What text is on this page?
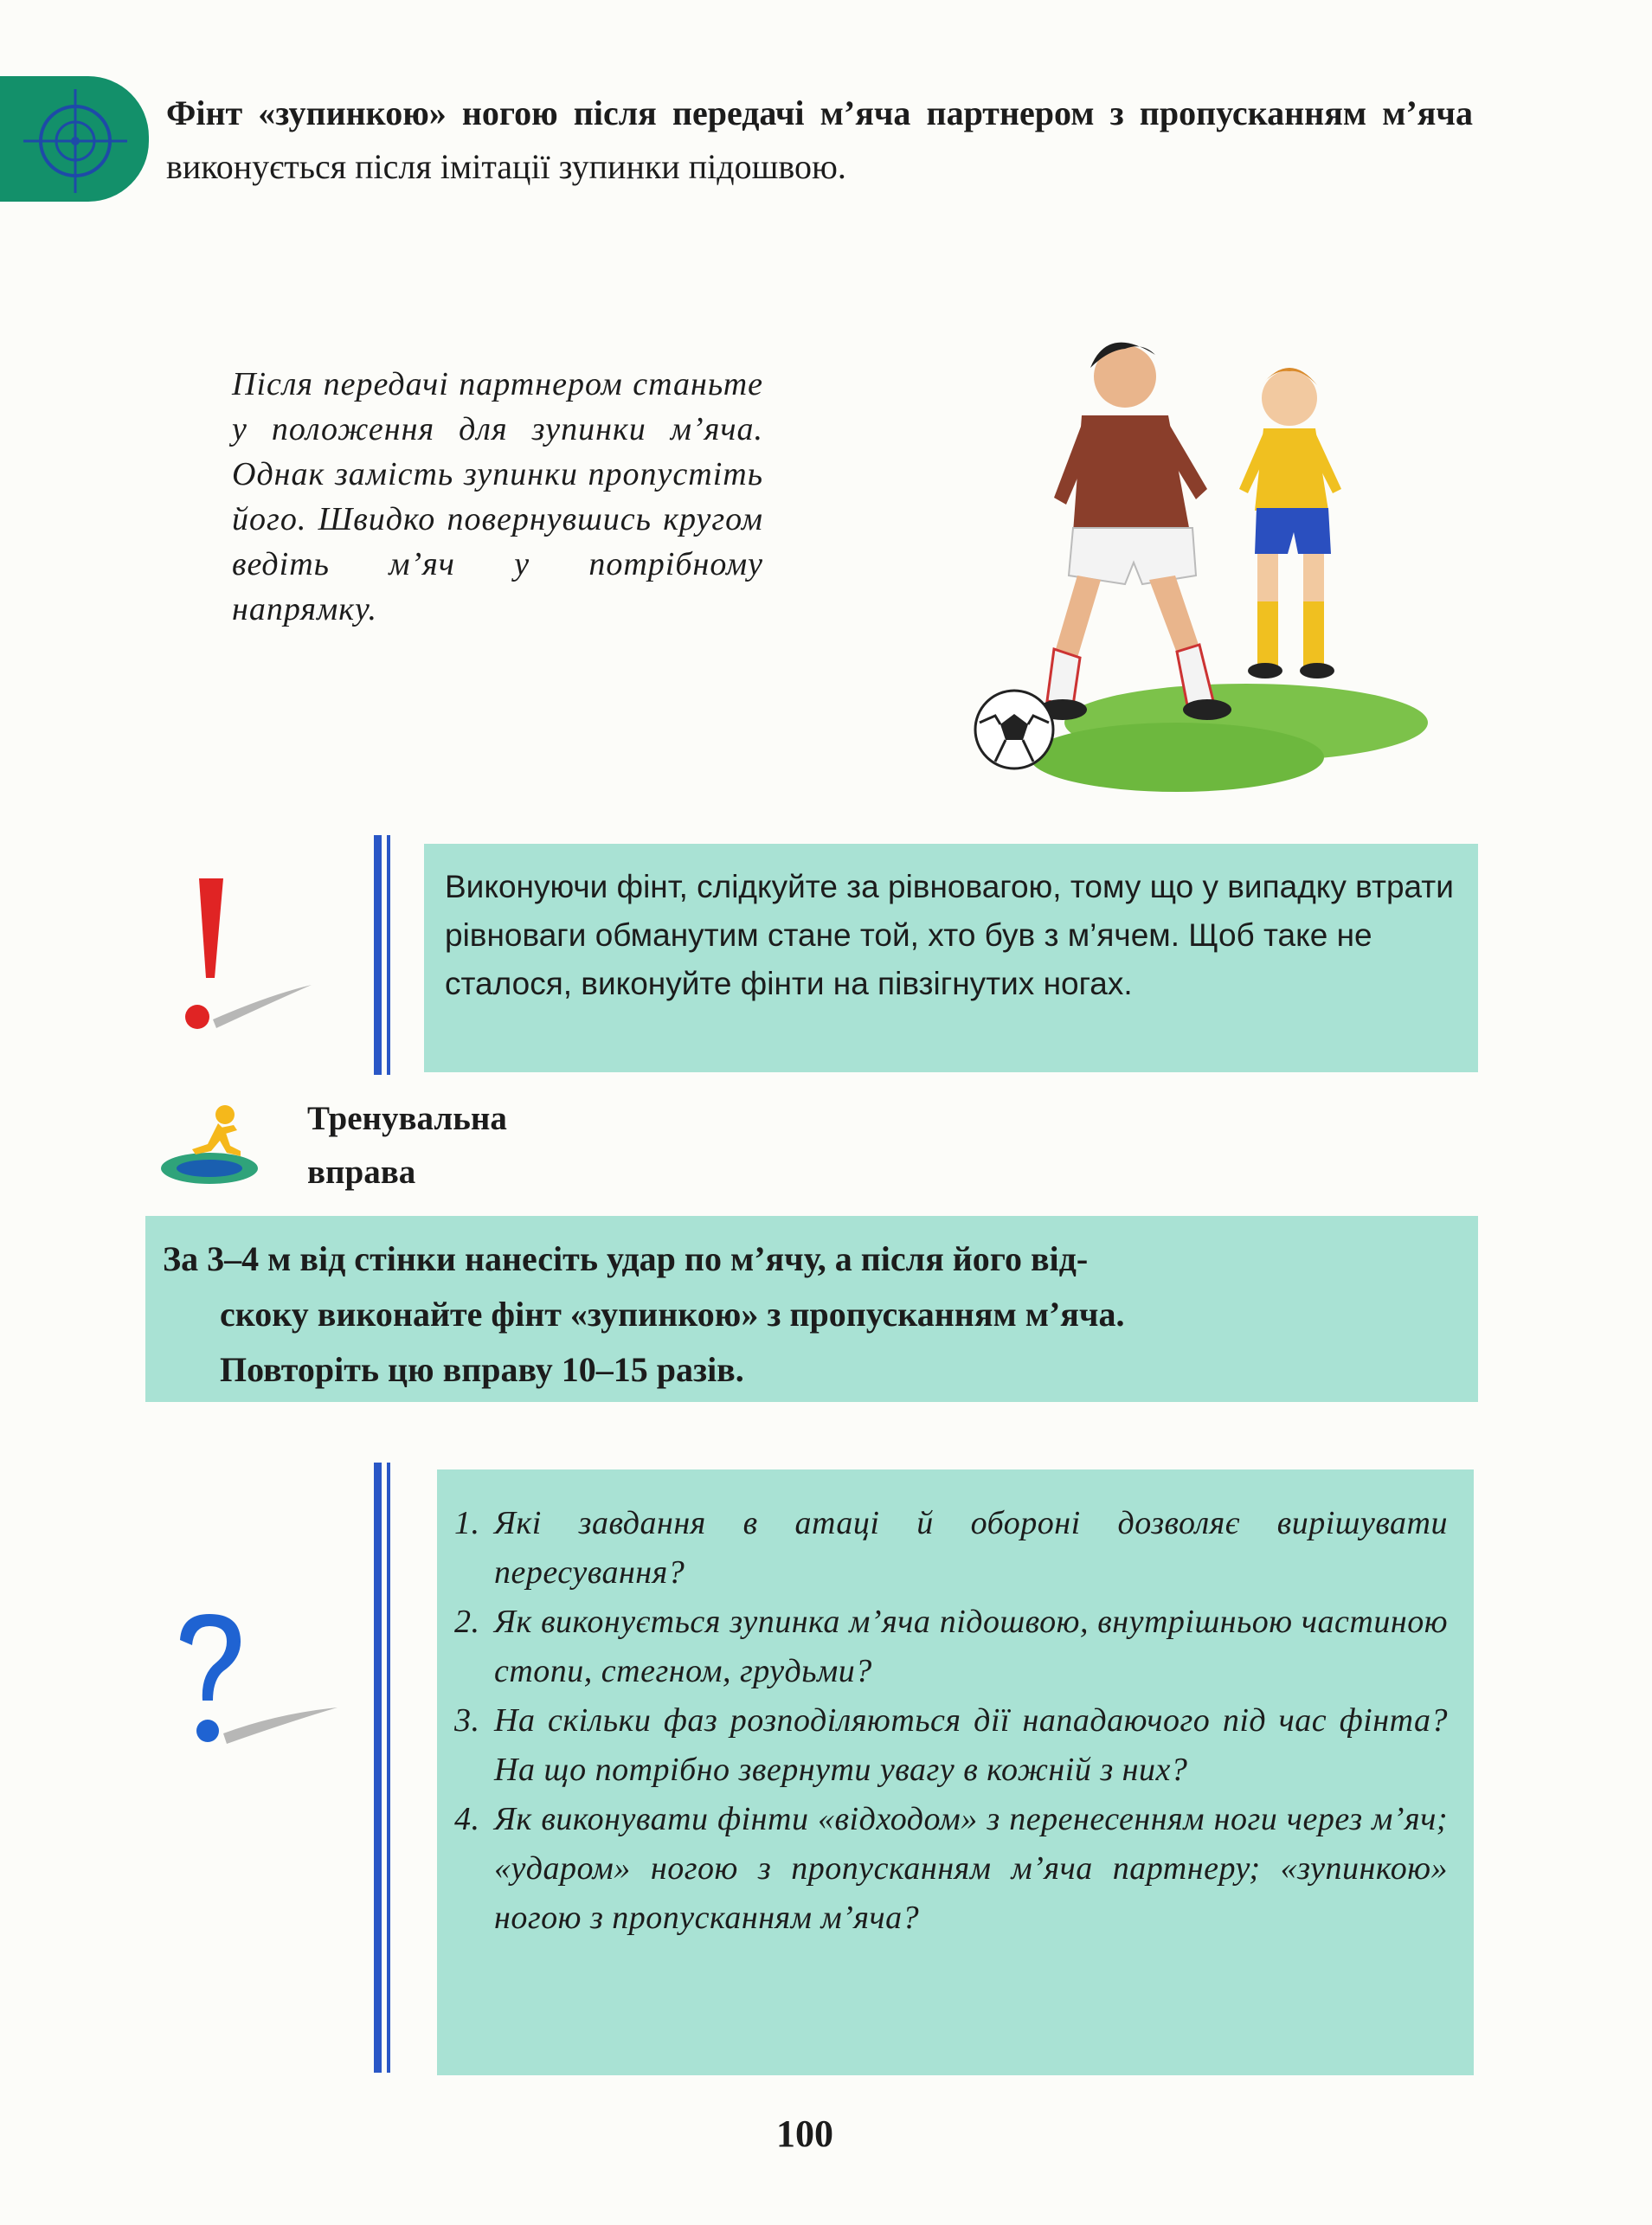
Фінт «зупинкою» ногою після передачі м’яча партнером з пропусканням м’яча виконується після імітації зупинки підошвою.

Після передачі партнером станьте у положення для зупинки м’яча. Однак замість зупинки пропустіть його. Швидко повернувшись кругом ведіть м’яч у потрібному напрямку.

Виконуючи фінт, слідкуйте за рівновагою, тому що у випадку втрати рівноваги обманутим стане той, хто був з м’ячем. Щоб таке не сталося, виконуйте фінти на півзігнутих ногах.

Тренувальна
вправа

За 3–4 м від стінки нанесіть удар по м’ячу, а після його від-

скоку виконайте фінт «зупинкою» з пропусканням м’яча.

Повторіть цю вправу 10–15 разів.

1. Які завдання в атаці й обороні дозволяє вирішувати пересування?
2. Як виконується зупинка м’яча підошвою, внутрішньою частиною стопи, стегном, грудьми?
3. На скільки фаз розподіляються дії нападаючого під час фінта? На що потрібно звернути увагу в кожній з них?
4. Як виконувати фінти «відходом» з перенесенням ноги через м’яч; «ударом» ногою з пропусканням м’яча партнеру; «зупинкою» ногою з пропусканням м’яча?

100
